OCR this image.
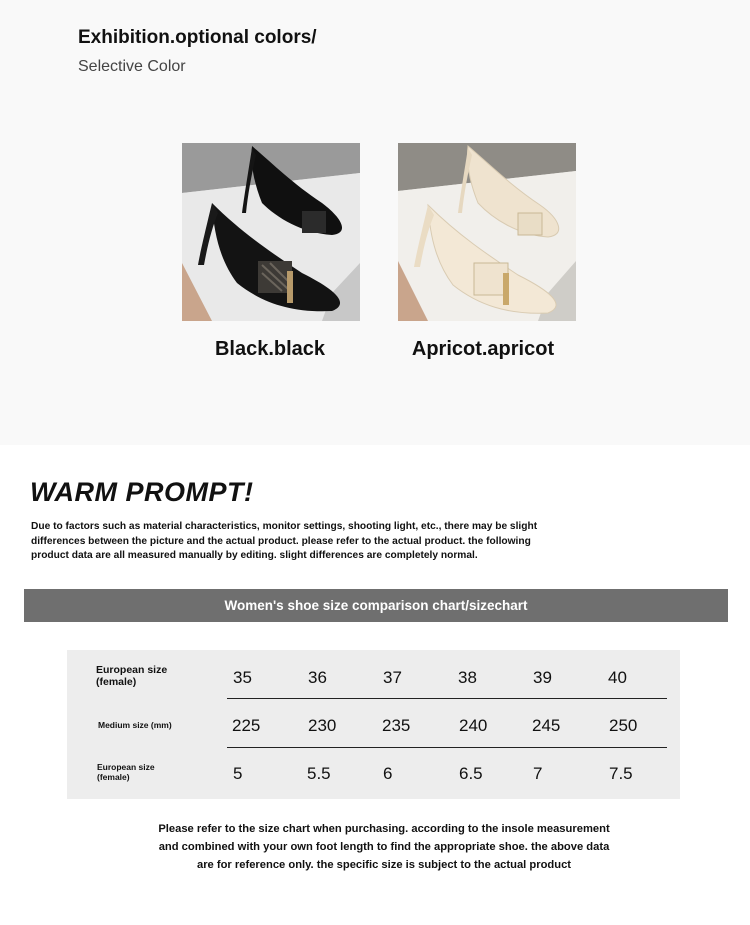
Exhibition.optional colors/
Selective Color
Black.black	Apricot.apricot
WARM PROMPT!
Due to factors such as material characteristics, monitor settings, shooting light, etc., there may be slight
differences between the picture and the actual product. please refer to the actual product. the following
product data are all measured manually by editing. slight differences are completely normal.
Women's shoe size comparison chart/sizechart
European size
(female)	35	36	37	38	39	40
Medium size (mm)	225	230	235	240	245	250
European size
(female)	5	5.5	6	6.5	7	7.5
Please refer to the size chart when purchasing. according to the insole measurement
and combined with your own foot length to find the appropriate shoe. the above data
are for reference only. the specific size is subject to the actual product
